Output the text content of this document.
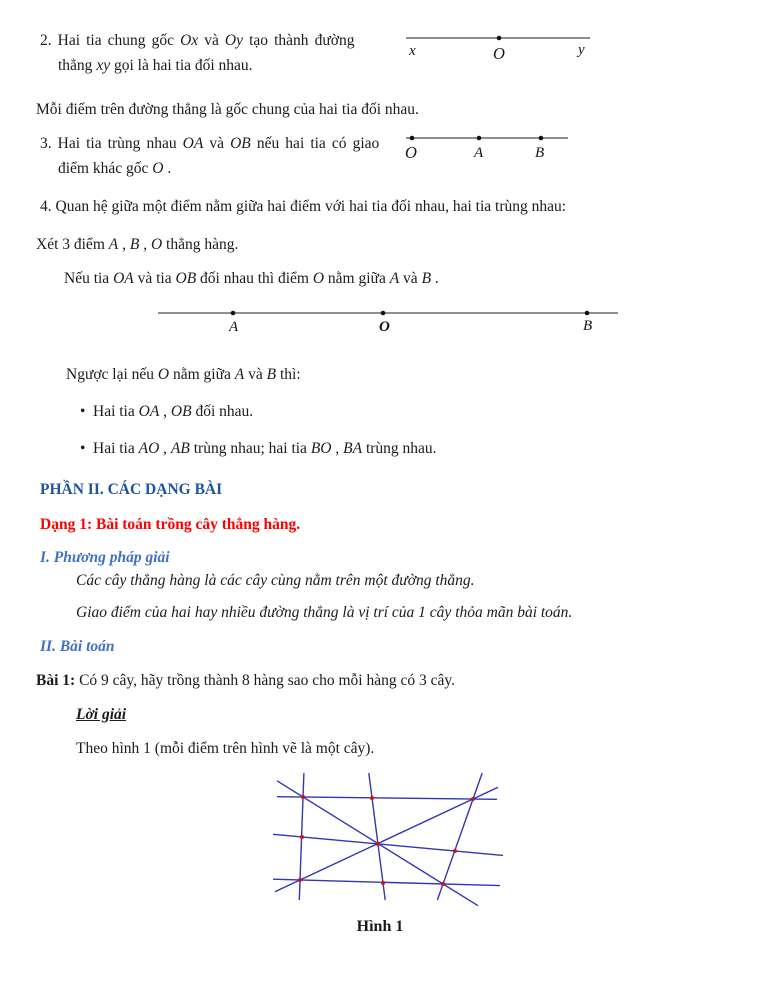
2. Hai tia chung gốc Ox và Oy tạo thành đường
thẳng xy gọi là hai tia đối nhau.
x	O	y
Mỗi điểm trên đường thẳng là gốc chung của hai tia đối nhau.
3. Hai tia trùng nhau OA và OB nếu hai tia có giao
điểm khác gốc O .
O	A	B
4. Quan hệ giữa một điểm nằm giữa hai điểm với hai tia đối nhau, hai tia trùng nhau:
Xét 3 điểm A , B , O thẳng hàng.
Nếu tia OA và tia OB đối nhau thì điểm O nằm giữa A và B .
A	O	B
Ngược lại nếu O nằm giữa A và B thì:
• Hai tia OA , OB đối nhau.
• Hai tia AO , AB trùng nhau; hai tia BO , BA trùng nhau.
PHẦN II. CÁC DẠNG BÀI
Dạng 1: Bài toán trồng cây thẳng hàng.
I. Phương pháp giải
Các cây thẳng hàng là các cây cùng nằm trên một đường thẳng.
Giao điểm của hai hay nhiều đường thẳng là vị trí của 1 cây thỏa mãn bài toán.
II. Bài toán
Bài 1: Có 9 cây, hãy trồng thành 8 hàng sao cho mỗi hàng có 3 cây.
Lời giải
Theo hình 1 (mỗi điểm trên hình vẽ là một cây).
Hình 1
